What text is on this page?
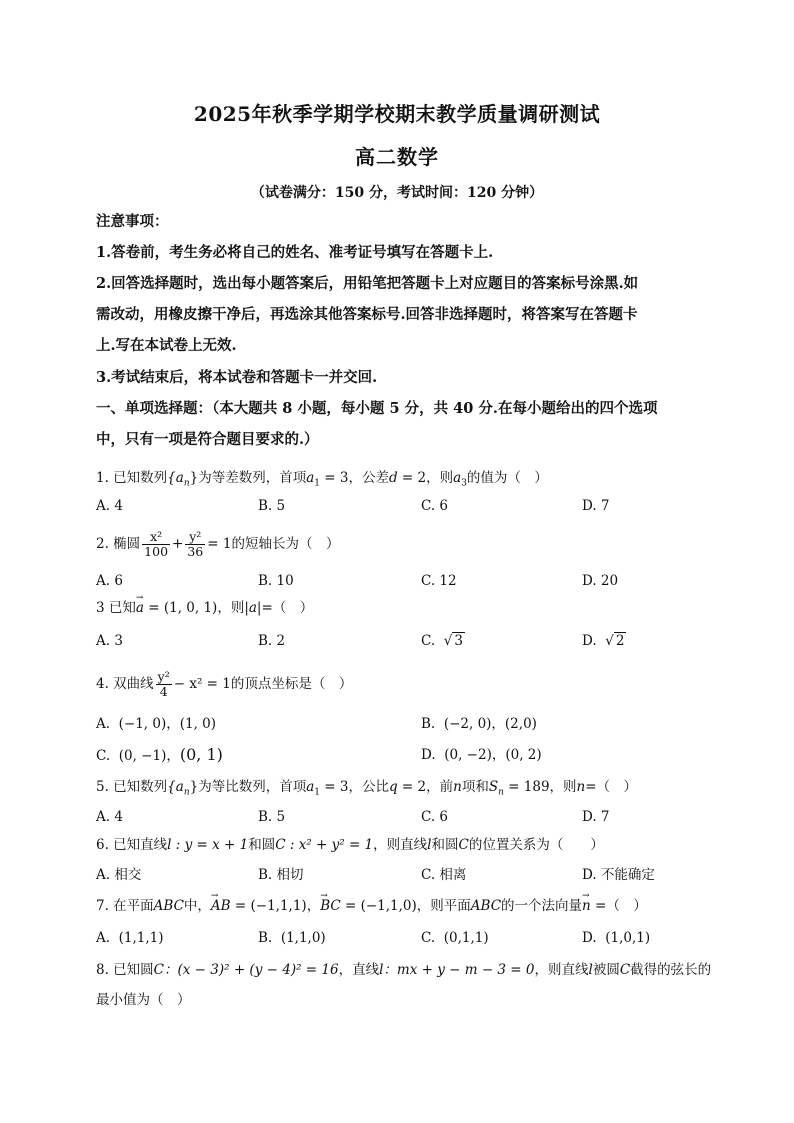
2025年秋季学期学校期末教学质量调研测试
高二数学
（试卷满分：150 分，考试时间：120 分钟）
注意事项：
1.答卷前，考生务必将自己的姓名、准考证号填写在答题卡上.
2.回答选择题时，选出每小题答案后，用铅笔把答题卡上对应题目的答案标号涂黑.如
需改动，用橡皮擦干净后，再选涂其他答案标号.回答非选择题时，将答案写在答题卡
上.写在本试卷上无效.
3.考试结束后，将本试卷和答题卡一并交回.
一、单项选择题：（本大题共 8 小题，每小题 5 分，共 40 分.在每小题给出的四个选项
中，只有一项是符合题目要求的.）
1. 已知数列$\{a_n\}$为等差数列，首项$a_1 = 3$，公差d = 2，则$a_3$的值为（　）
A. 4	B. 5	C. 6	D. 7
2. 椭圆 $\frac{\text{x²}}{100} + \frac{\text{y²}}{36} = 1$的短轴长为（　）
A. 6	B. 10	C. 12	D. 20
3 已知→ a = (1, 0, 1)，则|a|=（　）
A. 3	B. 2	C. √ 3	D. √ 2
4. 双曲线 $\frac{\text{y²}}{4} - x^2 = 1$的顶点坐标是（　）
A. (−1, 0)，(1, 0)	B. (−2, 0)，(2,0)
C. (0, −1)，(0, 1)	D. (0, −2)，(0, 2)
5. 已知数列$\{a_n\}$为等比数列，首项$a_1 = 3$，公比q = 2，前n项和$S_n = 189$，则n=（　）
A. 4	B. 5	C. 6	D. 7
6. 已知直线l : y = x + 1和圆C : x² + y² = 1，则直线l和圆C的位置关系为（　　）
A. 相交	B. 相切	C. 相离	D. 不能确定
7. 在平面ABC中，→ AB = (−1,1,1)，→ BC = (−1,1,0)，则平面ABC的一个法向量→ n =（　）
A. (1,1,1)	B. (1,1,0)	C. (0,1,1)	D. (1,0,1)
8. 已知圆C：(x − 3)² + (y − 4)² = 16，直线l：mx + y − m − 3 = 0，则直线l被圆C截得的弦长的
最小值为（　）
